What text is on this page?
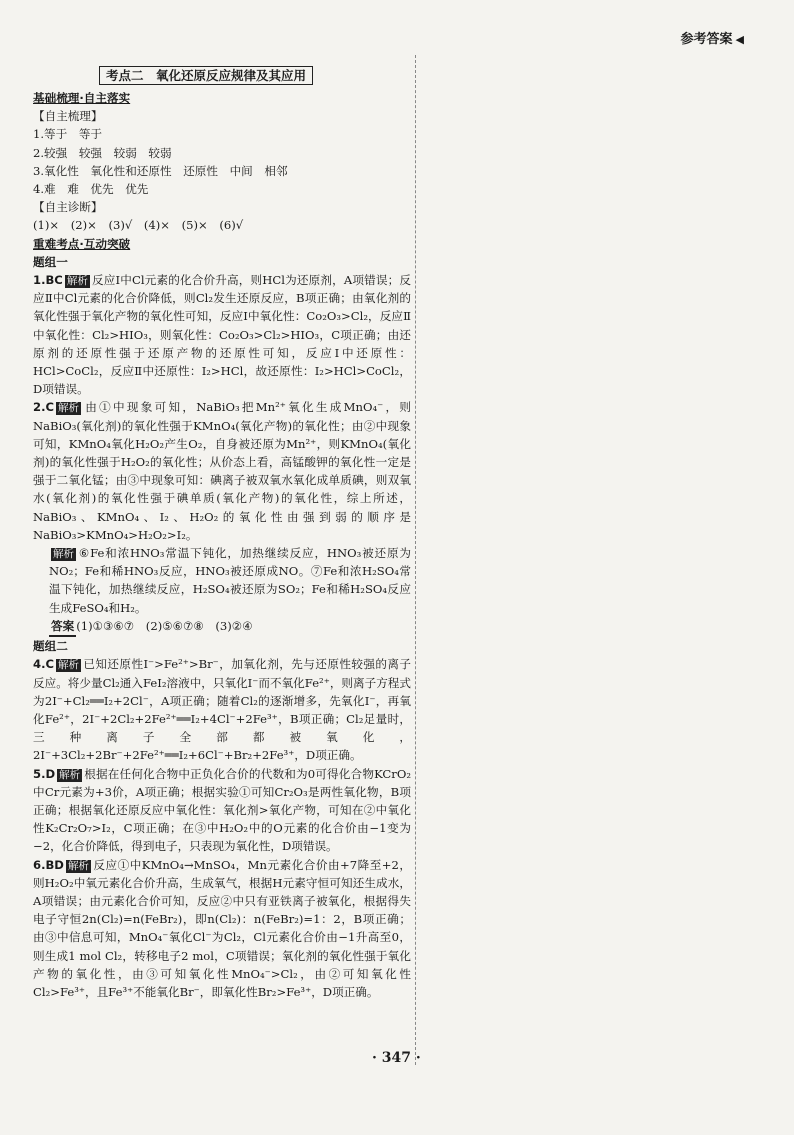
参考答案 ◀
考点二　氧化还原反应规律及其应用
基础梳理·自主落实
【自主梳理】
1.等于　等于
2.较强　较强　较弱　较弱
3.氧化性　氧化性和还原性　还原性　中间　相邻
4.难　难　优先　优先
【自主诊断】
(1)×　(2)×　(3)√　(4)×　(5)×　(6)√
重难考点·互动突破
题组一
1.BC 解析 反应Ⅰ中Cl元素的化合价升高，则HCl为还原剂，A项错误；反应Ⅱ中Cl元素的化合价降低，则Cl₂发生还原反应，B项正确；由氧化剂的氧化性强于氧化产物的氧化性可知，反应Ⅰ中氧化性：Co₂O₃>Cl₂，反应Ⅱ中氧化性：Cl₂>HIO₃，则氧化性：Co₂O₃>Cl₂>HIO₃，C项正确；由还原剂的还原性强于还原产物的还原性可知，反应Ⅰ中还原性：HCl>CoCl₂，反应Ⅱ中还原性：I₂>HCl，故还原性：I₂>HCl>CoCl₂，D项错误。
2.C 解析 由①中现象可知，NaBiO₃把Mn²⁺氧化生成MnO₄⁻，则NaBiO₃(氧化剂)的氧化性强于KMnO₄(氧化产物)的氧化性；由②中现象可知，KMnO₄氧化H₂O₂产生O₂，自身被还原为Mn²⁺，则KMnO₄(氧化剂)的氧化性强于H₂O₂的氧化性；从价态上看，高锰酸钾的氧化性一定是强于二氧化锰；由③中现象可知：碘离子被双氧水氧化成单质碘，则双氧水(氧化剂)的氧化性强于碘单质(氧化产物)的氧化性，综上所述，NaBiO₃、KMnO₄、I₂、H₂O₂的氧化性由强到弱的顺序是NaBiO₃>KMnO₄>H₂O₂>I₂。
解析 ⑥Fe和浓HNO₃常温下钝化，加热继续反应，HNO₃被还原为NO₂；Fe和稀HNO₃反应，HNO₃被还原成NO。⑦Fe和浓H₂SO₄常温下钝化，加热继续反应，H₂SO₄被还原为SO₂；Fe和稀H₂SO₄反应生成FeSO₄和H₂。
答案 (1)①③⑥⑦　(2)⑤⑥⑦⑧　(3)②④
题组二
4.C 解析 已知还原性I⁻>Fe²⁺>Br⁻，加氧化剂，先与还原性较强的离子反应。将少量Cl₂通入FeI₂溶液中，只氧化I⁻而不氧化Fe²⁺，则离子方程式为2I⁻+Cl₂══I₂+2Cl⁻，A项正确；随着Cl₂的逐渐增多，先氧化I⁻，再氧化Fe²⁺，2I⁻+2Cl₂+2Fe²⁺══I₂+4Cl⁻+2Fe³⁺，B项正确；Cl₂足量时，三种离子全部都被氧化，2I⁻+3Cl₂+2Br⁻+2Fe²⁺══I₂+6Cl⁻+Br₂+2Fe³⁺，D项正确。
5.D 解析 根据在任何化合物中正负化合价的代数和为0可得化合物KCrO₂中Cr元素为+3价，A项正确；根据实验①可知Cr₂O₃是两性氧化物，B项正确；根据氧化还原反应中氧化性：氧化剂>氧化产物，可知在②中氧化性K₂Cr₂O₇>I₂，C项正确；在③中H₂O₂中的O元素的化合价由−1变为−2，化合价降低，得到电子，只表现为氧化性，D项错误。
6.BD 解析 反应①中KMnO₄→MnSO₄，Mn元素化合价由+7降至+2，则H₂O₂中氧元素化合价升高，生成氧气，根据H元素守恒可知还生成水，A项错误；由元素化合价可知，反应②中只有亚铁离子被氧化，根据得失电子守恒2n(Cl₂)=n(FeBr₂)，即n(Cl₂)：n(FeBr₂)=1：2，B项正确；由③中信息可知，MnO₄⁻氧化Cl⁻为Cl₂，Cl元素化合价由−1升高至0，则生成1 mol Cl₂，转移电子2 mol，C项错误；氧化剂的氧化性强于氧化产物的氧化性，由③可知氧化性MnO₄⁻>Cl₂，由②可知氧化性Cl₂>Fe³⁺，且Fe³⁺不能氧化Br⁻，即氧化性Br₂>Fe³⁺，D项正确。
· 347 ·
